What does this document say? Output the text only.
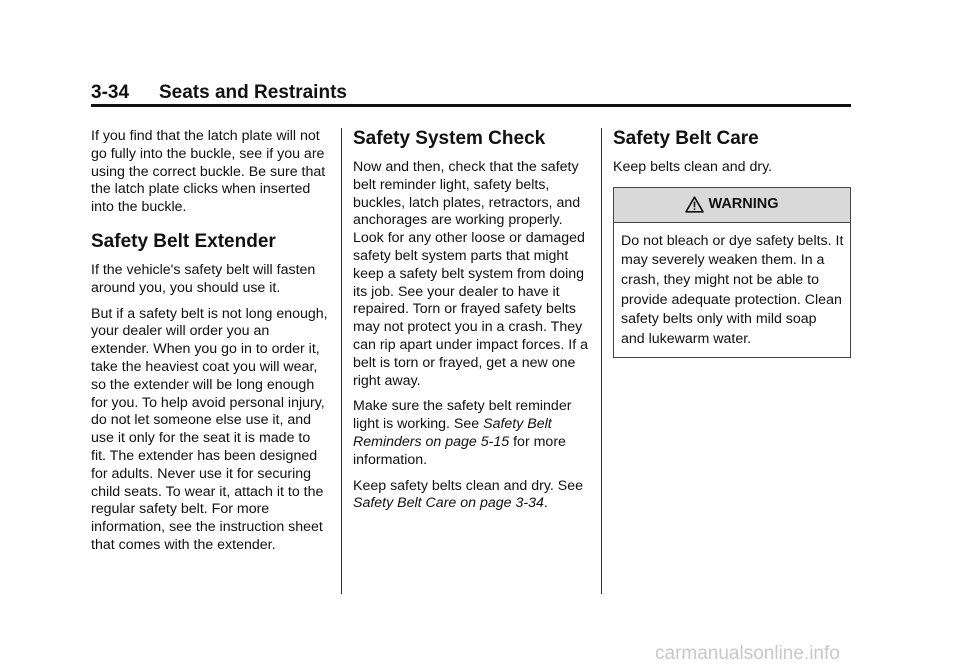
3-34 Seats and Restraints

If you find that the latch plate will not go fully into the buckle, see if you are using the correct buckle. Be sure that the latch plate clicks when inserted into the buckle.

Safety Belt Extender

If the vehicle's safety belt will fasten around you, you should use it.

But if a safety belt is not long enough, your dealer will order you an extender. When you go in to order it, take the heaviest coat you will wear, so the extender will be long enough for you. To help avoid personal injury, do not let someone else use it, and use it only for the seat it is made to fit. The extender has been designed for adults. Never use it for securing child seats. To wear it, attach it to the regular safety belt. For more information, see the instruction sheet that comes with the extender.

Safety System Check

Now and then, check that the safety belt reminder light, safety belts, buckles, latch plates, retractors, and anchorages are working properly. Look for any other loose or damaged safety belt system parts that might keep a safety belt system from doing its job. See your dealer to have it repaired. Torn or frayed safety belts may not protect you in a crash. They can rip apart under impact forces. If a belt is torn or frayed, get a new one right away.

Make sure the safety belt reminder light is working. See Safety Belt Reminders on page 5-15 for more information.

Keep safety belts clean and dry. See Safety Belt Care on page 3-34.

Safety Belt Care

Keep belts clean and dry.

WARNING
Do not bleach or dye safety belts. It may severely weaken them. In a crash, they might not be able to provide adequate protection. Clean safety belts only with mild soap and lukewarm water.
carmanualsonline.info
